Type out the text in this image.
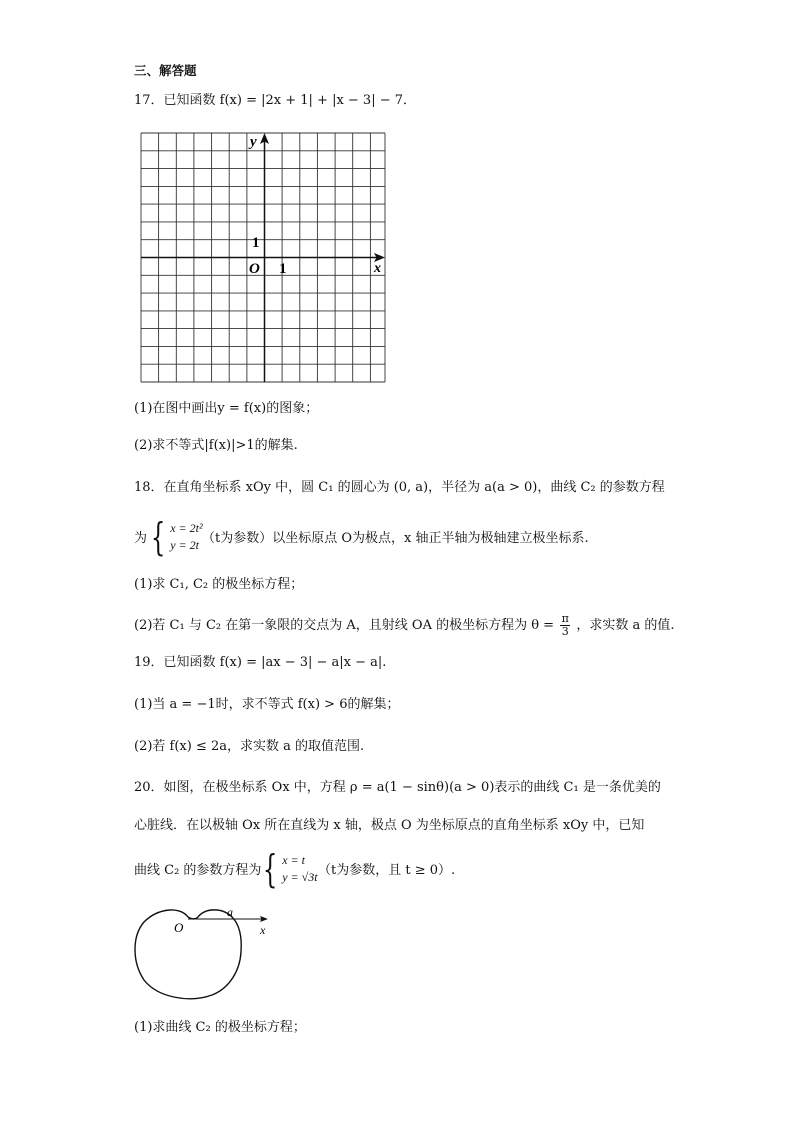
三、解答题
17．已知函数 f(x) = |2x + 1| + |x − 3| − 7．
y
x
O 1
1
(1)在图中画出y = f(x)的图象；
(2)求不等式|f(x)|>1的解集.
18．在直角坐标系 xOy 中，圆 C₁ 的圆心为 (0, a)，半径为 a(a > 0)，曲线 C₂ 的参数方程
为 { x = 2t²
y = 2t （t为参数）以坐标原点 O为极点，x 轴正半轴为极轴建立极坐标系.
(1)求 C₁, C₂ 的极坐标方程；
(2)若 C₁ 与 C₂ 在第一象限的交点为 A，且射线 OA 的极坐标方程为 $\theta = \frac{\pi}{3}$ ，求实数 a 的值.
19．已知函数 f(x) = |ax − 3| − a|x − a|.
(1)当 a = −1时，求不等式 f(x) > 6的解集；
(2)若 f(x) ≤ 2a，求实数 a 的取值范围.
20．如图，在极坐标系 Ox 中，方程 ρ = a(1 − sinθ)(a > 0)表示的曲线 C₁ 是一条优美的
心脏线．在以极轴 Ox 所在直线为 x 轴，极点 O 为坐标原点的直角坐标系 xOy 中，已知
曲线 C₂ 的参数方程为 { x = t
y = √3t （t为参数，且 t ≥ 0）.
O
a
x
(1)求曲线 C₂ 的极坐标方程；
